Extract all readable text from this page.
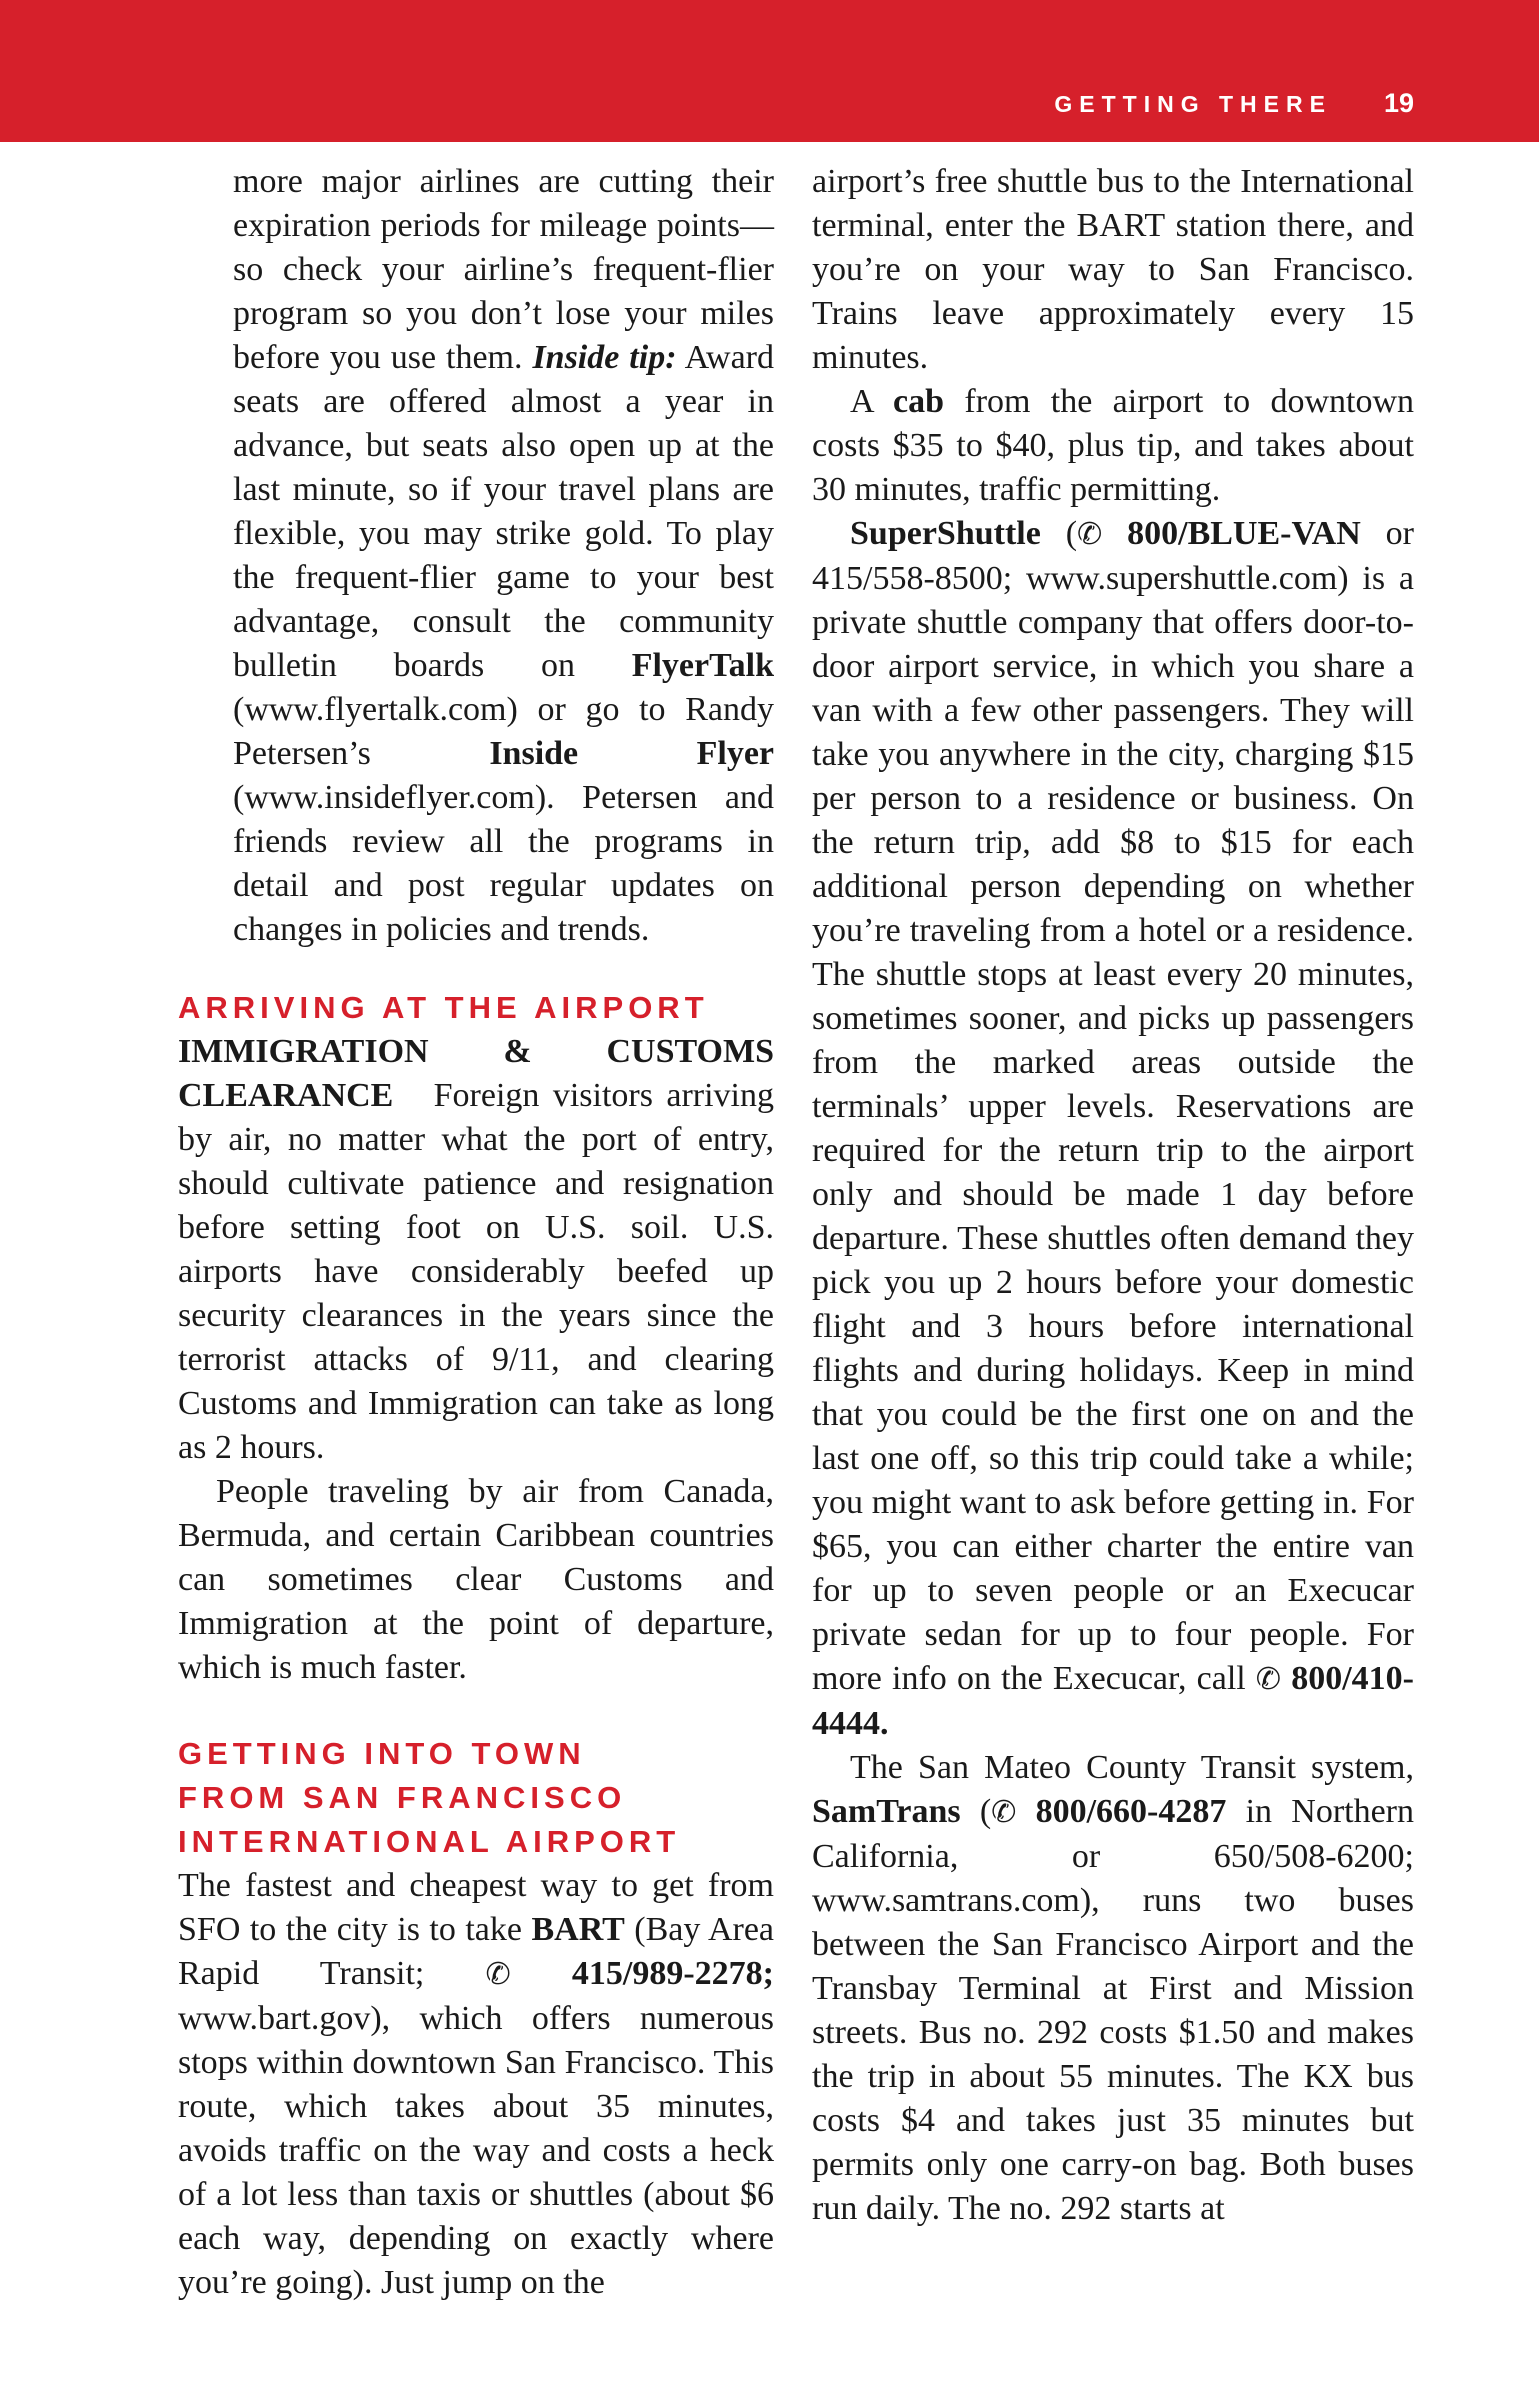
GETTING THERE 19

more major airlines are cutting their expiration periods for mileage points—so check your airline’s frequent-flier program so you don’t lose your miles before you use them. Inside tip: Award seats are offered almost a year in advance, but seats also open up at the last minute, so if your travel plans are flexible, you may strike gold. To play the frequent-flier game to your best advantage, consult the community bulletin boards on FlyerTalk (www.flyertalk.com) or go to Randy Petersen’s Inside Flyer (www.insideflyer.com). Petersen and friends review all the programs in detail and post regular updates on changes in policies and trends.

ARRIVING AT THE AIRPORT

IMMIGRATION & CUSTOMS CLEARANCE Foreign visitors arriving by air, no matter what the port of entry, should cultivate patience and resignation before setting foot on U.S. soil. U.S. airports have considerably beefed up security clearances in the years since the terrorist attacks of 9/11, and clearing Customs and Immigration can take as long as 2 hours.

People traveling by air from Canada, Bermuda, and certain Caribbean countries can sometimes clear Customs and Immigration at the point of departure, which is much faster.

GETTING INTO TOWN
FROM SAN FRANCISCO
INTERNATIONAL AIRPORT

The fastest and cheapest way to get from SFO to the city is to take BART (Bay Area Rapid Transit; ✆ 415/989-2278; www.bart.gov), which offers numerous stops within downtown San Francisco. This route, which takes about 35 minutes, avoids traffic on the way and costs a heck of a lot less than taxis or shuttles (about $6 each way, depending on exactly where you’re going). Just jump on the

airport’s free shuttle bus to the International terminal, enter the BART station there, and you’re on your way to San Francisco. Trains leave approximately every 15 minutes.

A cab from the airport to downtown costs $35 to $40, plus tip, and takes about 30 minutes, traffic permitting.

SuperShuttle (✆ 800/BLUE-VAN or 415/558-8500; www.supershuttle.com) is a private shuttle company that offers door-to-door airport service, in which you share a van with a few other passengers. They will take you anywhere in the city, charging $15 per person to a residence or business. On the return trip, add $8 to $15 for each additional person depending on whether you’re traveling from a hotel or a residence. The shuttle stops at least every 20 minutes, sometimes sooner, and picks up passengers from the marked areas outside the terminals’ upper levels. Reservations are required for the return trip to the airport only and should be made 1 day before departure. These shuttles often demand they pick you up 2 hours before your domestic flight and 3 hours before international flights and during holidays. Keep in mind that you could be the first one on and the last one off, so this trip could take a while; you might want to ask before getting in. For $65, you can either charter the entire van for up to seven people or an Execucar private sedan for up to four people. For more info on the Execucar, call ✆ 800/410-4444.

The San Mateo County Transit system, SamTrans (✆ 800/660-4287 in Northern California, or 650/508-6200; www.samtrans.com), runs two buses between the San Francisco Airport and the Transbay Terminal at First and Mission streets. Bus no. 292 costs $1.50 and makes the trip in about 55 minutes. The KX bus costs $4 and takes just 35 minutes but permits only one carry-on bag. Both buses run daily. The no. 292 starts at
